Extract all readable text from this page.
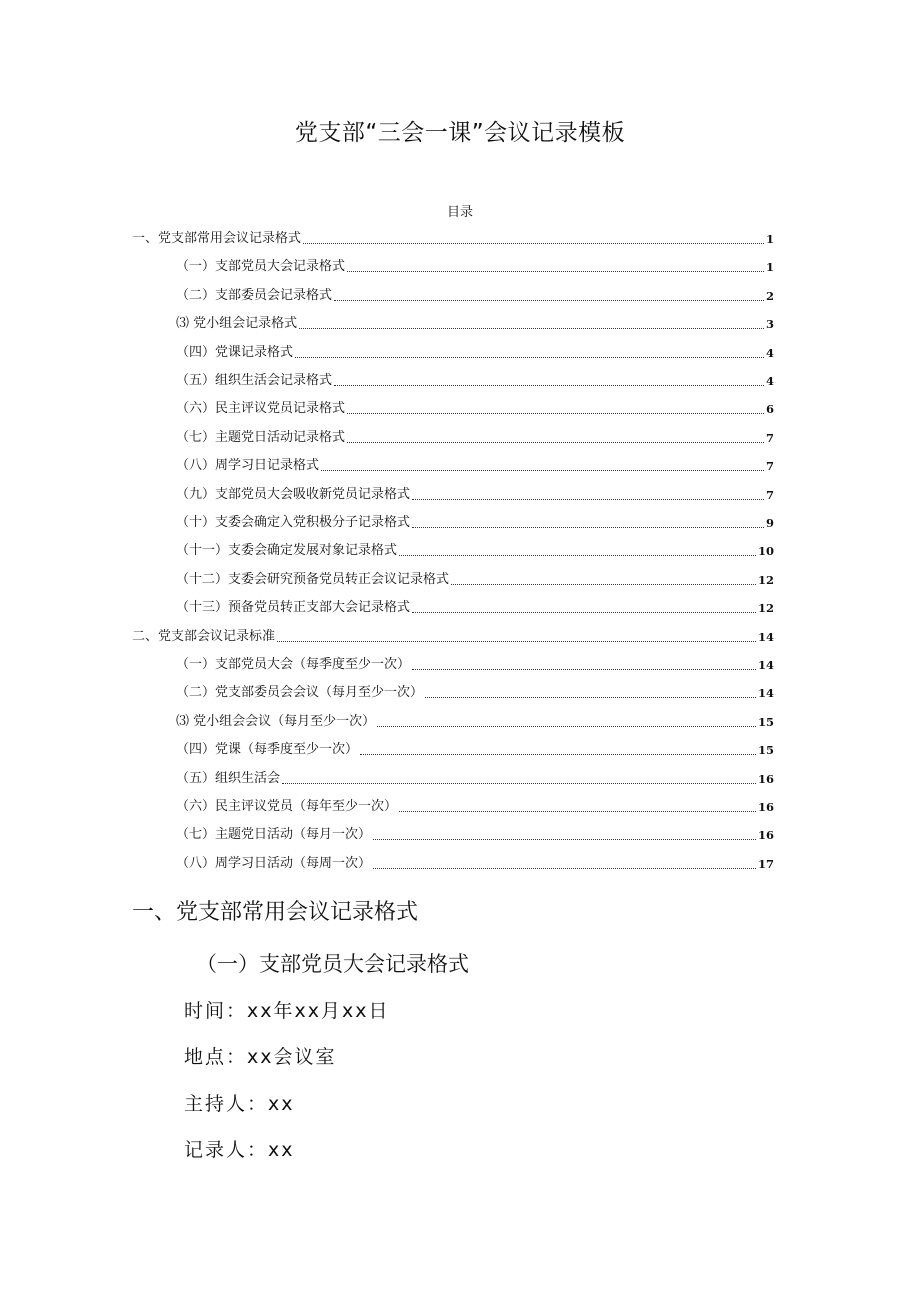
党支部“三会一课”会议记录模板
目录
一、党支部常用会议记录格式	1
（一）支部党员大会记录格式	1
（二）支部委员会记录格式	2
⑶ 党小组会记录格式	3
（四）党课记录格式	4
（五）组织生活会记录格式	4
（六）民主评议党员记录格式	6
（七）主题党日活动记录格式	7
（八）周学习日记录格式	7
（九）支部党员大会吸收新党员记录格式	7
（十）支委会确定入党积极分子记录格式	9
（十一）支委会确定发展对象记录格式	10
（十二）支委会研究预备党员转正会议记录格式	12
（十三）预备党员转正支部大会记录格式	12
二、党支部会议记录标准	14
（一）支部党员大会（每季度至少一次）	14
（二）党支部委员会会议（每月至少一次）	14
⑶ 党小组会会议（每月至少一次）	15
（四）党课（每季度至少一次）	15
（五）组织生活会	16
（六）民主评议党员（每年至少一次）	16
（七）主题党日活动（每月一次）	16
（八）周学习日活动（每周一次）	17
一、党支部常用会议记录格式
（一）支部党员大会记录格式
时间：xx年xx月xx日
地点：xx会议室
主持人：xx
记录人：xx
